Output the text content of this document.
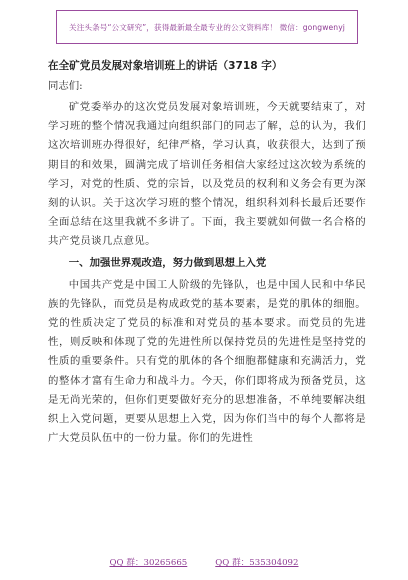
关注头条号“公文研究”，获得最新最全最专业的公文资料库！ 微信：gongwenyj
在全矿党员发展对象培训班上的讲话（3718 字）
同志们:

矿党委举办的这次党员发展对象培训班，今天就要结束了，对学习班的整个情况我通过向组织部门的同志了解，总的认为，我们这次培训班办得很好，纪律严格，学习认真，收获很大，达到了预期目的和效果，圆满完成了培训任务相信大家经过这次较为系统的学习，对党的性质、党的宗旨，以及党员的权利和义务会有更为深刻的认识。关于这次学习班的整个情况，组织科刘科长最后还要作全面总结在这里我就不多讲了。下面，我主要就如何做一名合格的共产党员谈几点意见。

一、加强世界观改造，努力做到思想上入党

中国共产党是中国工人阶级的先锋队，也是中国人民和中华民族的先锋队，而党员是构成政党的基本要素，是党的肌体的细胞。党的性质决定了党员的标准和对党员的基本要求。而党员的先进性，则反映和体现了党的先进性所以保持党员的先进性是坚持党的性质的重要条件。只有党的肌体的各个细胞都健康和充满活力，党的整体才富有生命力和战斗力。今天，你们即将成为预备党员，这是无尚光荣的，但你们更要做好充分的思想准备，不单纯要解决组织上入党问题，更要从思想上入党，因为你们当中的每个人都将是广大党员队伍中的一份力量。你们的先进性

QQ 群：30265665	QQ 群：535304092
